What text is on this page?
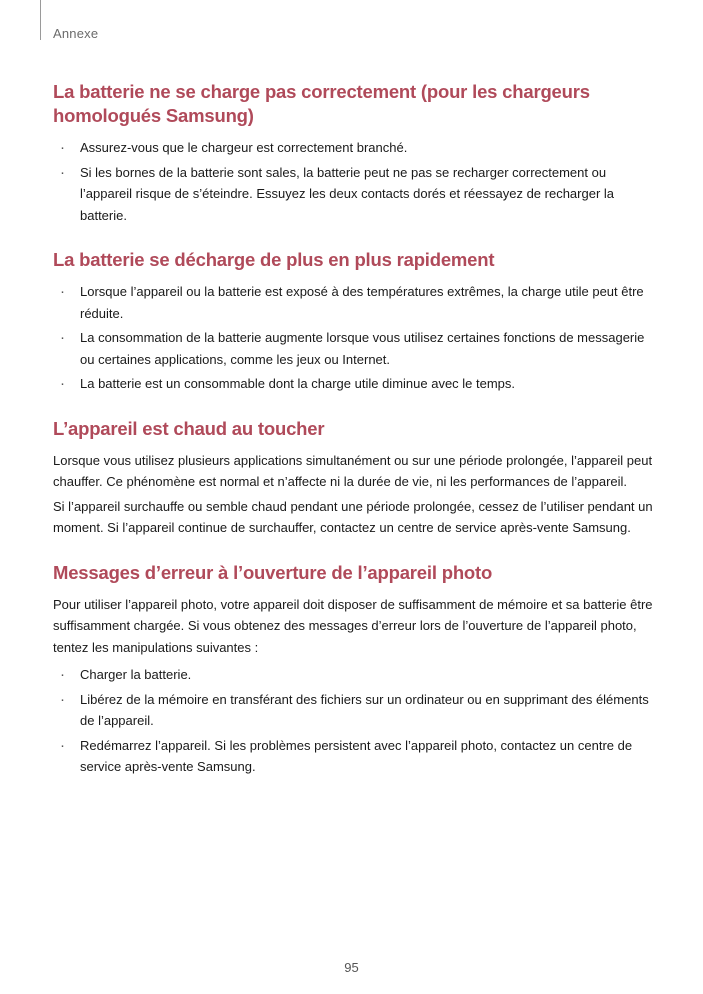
Annexe
La batterie ne se charge pas correctement (pour les chargeurs homologués Samsung)
· Assurez-vous que le chargeur est correctement branché.
· Si les bornes de la batterie sont sales, la batterie peut ne pas se recharger correctement ou l’appareil risque de s’éteindre. Essuyez les deux contacts dorés et réessayez de recharger la batterie.
La batterie se décharge de plus en plus rapidement
· Lorsque l’appareil ou la batterie est exposé à des températures extrêmes, la charge utile peut être réduite.
· La consommation de la batterie augmente lorsque vous utilisez certaines fonctions de messagerie ou certaines applications, comme les jeux ou Internet.
· La batterie est un consommable dont la charge utile diminue avec le temps.
L’appareil est chaud au toucher

Lorsque vous utilisez plusieurs applications simultanément ou sur une période prolongée, l’appareil peut chauffer. Ce phénomène est normal et n’affecte ni la durée de vie, ni les performances de l’appareil.

Si l’appareil surchauffe ou semble chaud pendant une période prolongée, cessez de l’utiliser pendant un moment. Si l’appareil continue de surchauffer, contactez un centre de service après-vente Samsung.

Messages d’erreur à l’ouverture de l’appareil photo

Pour utiliser l’appareil photo, votre appareil doit disposer de suffisamment de mémoire et sa batterie être suffisamment chargée. Si vous obtenez des messages d’erreur lors de l’ouverture de l’appareil photo, tentez les manipulations suivantes :

· Charger la batterie.
· Libérez de la mémoire en transférant des fichiers sur un ordinateur ou en supprimant des éléments de l’appareil.
· Redémarrez l’appareil. Si les problèmes persistent avec l’appareil photo, contactez un centre de service après-vente Samsung.
95
